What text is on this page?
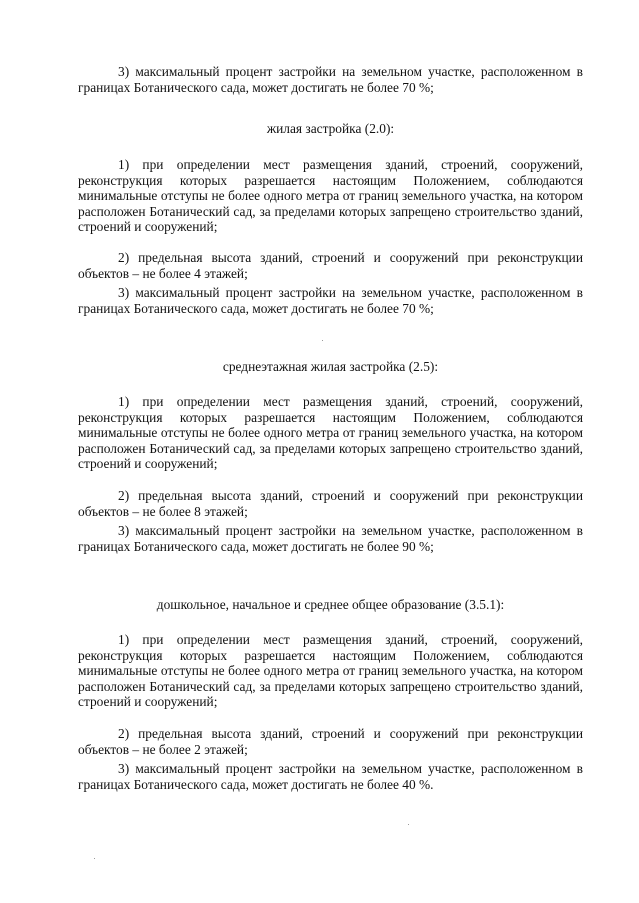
3) максимальный процент застройки на земельном участке, расположенном в границах Ботанического сада, может достигать не более 70 %;
жилая застройка (2.0):
1) при определении мест размещения зданий, строений, сооружений, реконструкция которых разрешается настоящим Положением, соблюдаются минимальные отступы не более одного метра от границ земельного участка, на котором расположен Ботанический сад, за пределами которых запрещено строительство зданий, строений и сооружений;
2) предельная высота зданий, строений и сооружений при реконструкции объектов – не более 4 этажей;
3) максимальный процент застройки на земельном участке, расположенном в границах Ботанического сада, может достигать не более 70 %;
среднеэтажная жилая застройка (2.5):
1) при определении мест размещения зданий, строений, сооружений, реконструкция которых разрешается настоящим Положением, соблюдаются минимальные отступы не более одного метра от границ земельного участка, на котором расположен Ботанический сад, за пределами которых запрещено строительство зданий, строений и сооружений;
2) предельная высота зданий, строений и сооружений при реконструкции объектов – не более 8 этажей;
3) максимальный процент застройки на земельном участке, расположенном в границах Ботанического сада, может достигать не более 90 %;
дошкольное, начальное и среднее общее образование (3.5.1):
1) при определении мест размещения зданий, строений, сооружений, реконструкция которых разрешается настоящим Положением, соблюдаются минимальные отступы не более одного метра от границ земельного участка, на котором расположен Ботанический сад, за пределами которых запрещено строительство зданий, строений и сооружений;
2) предельная высота зданий, строений и сооружений при реконструкции объектов – не более 2 этажей;
3) максимальный процент застройки на земельном участке, расположенном в границах Ботанического сада, может достигать не более 40 %.
